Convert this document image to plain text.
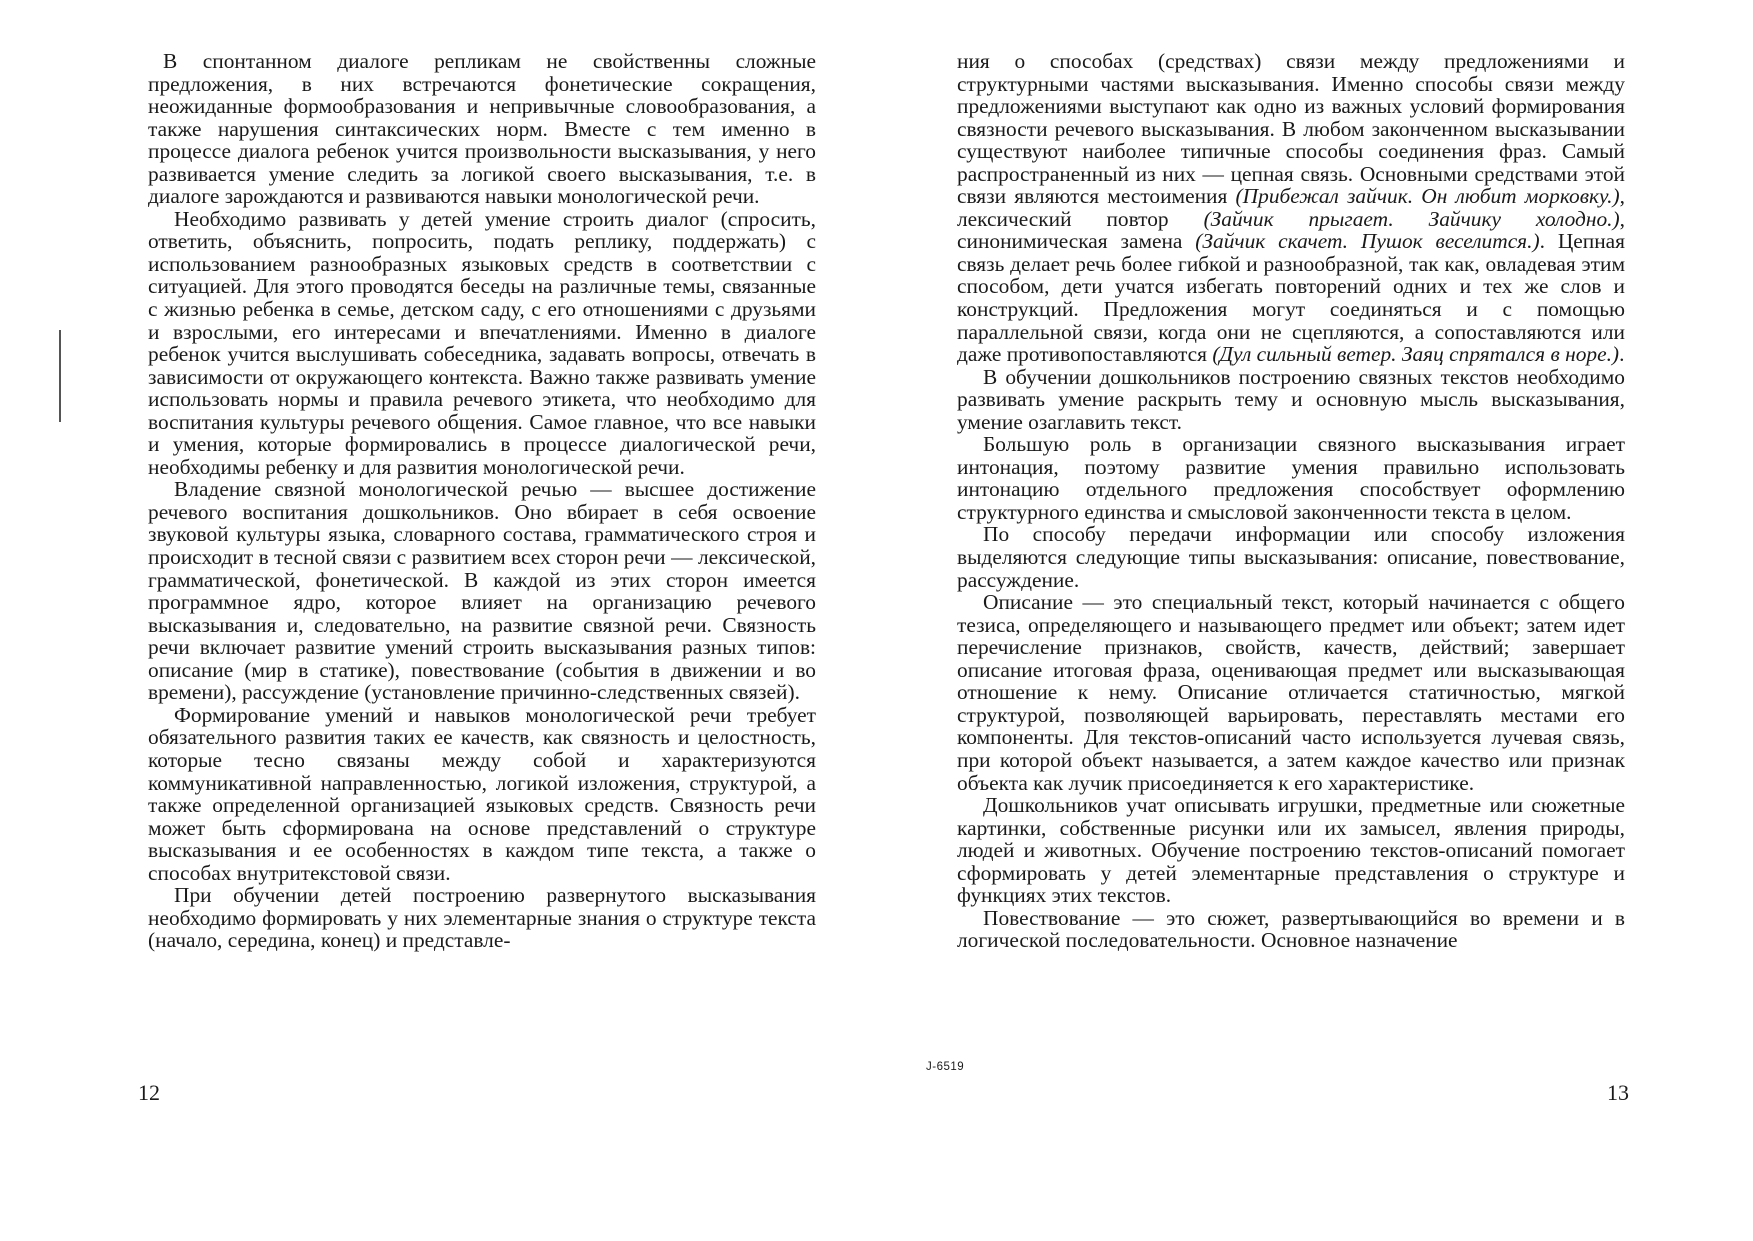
В спонтанном диалоге репликам не свойственны сложные предложения, в них встречаются фонетические сокращения, неожиданные формообразования и непривычные словообразования, а также нарушения синтаксических норм. Вместе с тем именно в процессе диалога ребенок учится произвольности высказывания, у него развивается умение следить за логикой своего высказывания, т.е. в диалоге зарождаются и развиваются навыки монологической речи.

Необходимо развивать у детей умение строить диалог (спросить, ответить, объяснить, попросить, подать реплику, поддержать) с использованием разнообразных языковых средств в соответствии с ситуацией. Для этого проводятся беседы на различные темы, связанные с жизнью ребенка в семье, детском саду, с его отношениями с друзьями и взрослыми, его интересами и впечатлениями. Именно в диалоге ребенок учится выслушивать собеседника, задавать вопросы, отвечать в зависимости от окружающего контекста. Важно также развивать умение использовать нормы и правила речевого этикета, что необходимо для воспитания культуры речевого общения. Самое главное, что все навыки и умения, которые формировались в процессе диалогической речи, необходимы ребенку и для развития монологической речи.

Владение связной монологической речью — высшее достижение речевого воспитания дошкольников. Оно вбирает в себя освоение звуковой культуры языка, словарного состава, грамматического строя и происходит в тесной связи с развитием всех сторон речи — лексической, грамматической, фонетической. В каждой из этих сторон имеется программное ядро, которое влияет на организацию речевого высказывания и, следовательно, на развитие связной речи. Связность речи включает развитие умений строить высказывания разных типов: описание (мир в статике), повествование (события в движении и во времени), рассуждение (установление причинно-следственных связей).

Формирование умений и навыков монологической речи требует обязательного развития таких ее качеств, как связность и целостность, которые тесно связаны между собой и характеризуются коммуникативной направленностью, логикой изложения, структурой, а также определенной организацией языковых средств. Связность речи может быть сформирована на основе представлений о структуре высказывания и ее особенностях в каждом типе текста, а также о способах внутритекстовой связи.

При обучении детей построению развернутого высказывания необходимо формировать у них элементарные знания о структуре текста (начало, середина, конец) и представле-

12

ния о способах (средствах) связи между предложениями и структурными частями высказывания. Именно способы связи между предложениями выступают как одно из важных условий формирования связности речевого высказывания. В любом законченном высказывании существуют наиболее типичные способы соединения фраз. Самый распространенный из них — цепная связь. Основными средствами этой связи являются местоимения (Прибежал зайчик. Он любит морковку.), лексический повтор (Зайчик прыгает. Зайчику холодно.), синонимическая замена (Зайчик скачет. Пушок веселится.). Цепная связь делает речь более гибкой и разнообразной, так как, овладевая этим способом, дети учатся избегать повторений одних и тех же слов и конструкций. Предложения могут соединяться и с помощью параллельной связи, когда они не сцепляются, а сопоставляются или даже противопоставляются (Дул сильный ветер. Заяц спрятался в норе.).

В обучении дошкольников построению связных текстов необходимо развивать умение раскрыть тему и основную мысль высказывания, умение озаглавить текст.

Большую роль в организации связного высказывания играет интонация, поэтому развитие умения правильно использовать интонацию отдельного предложения способствует оформлению структурного единства и смысловой законченности текста в целом.

По способу передачи информации или способу изложения выделяются следующие типы высказывания: описание, повествование, рассуждение.

Описание — это специальный текст, который начинается с общего тезиса, определяющего и называющего предмет или объект; затем идет перечисление признаков, свойств, качеств, действий; завершает описание итоговая фраза, оценивающая предмет или высказывающая отношение к нему. Описание отличается статичностью, мягкой структурой, позволяющей варьировать, переставлять местами его компоненты. Для текстов-описаний часто используется лучевая связь, при которой объект называется, а затем каждое качество или признак объекта как лучик присоединяется к его характеристике.

Дошкольников учат описывать игрушки, предметные или сюжетные картинки, собственные рисунки или их замысел, явления природы, людей и животных. Обучение построению текстов-описаний помогает сформировать у детей элементарные представления о структуре и функциях этих текстов.

Повествование — это сюжет, развертывающийся во времени и в логической последовательности. Основное назначение

J-6519
13
